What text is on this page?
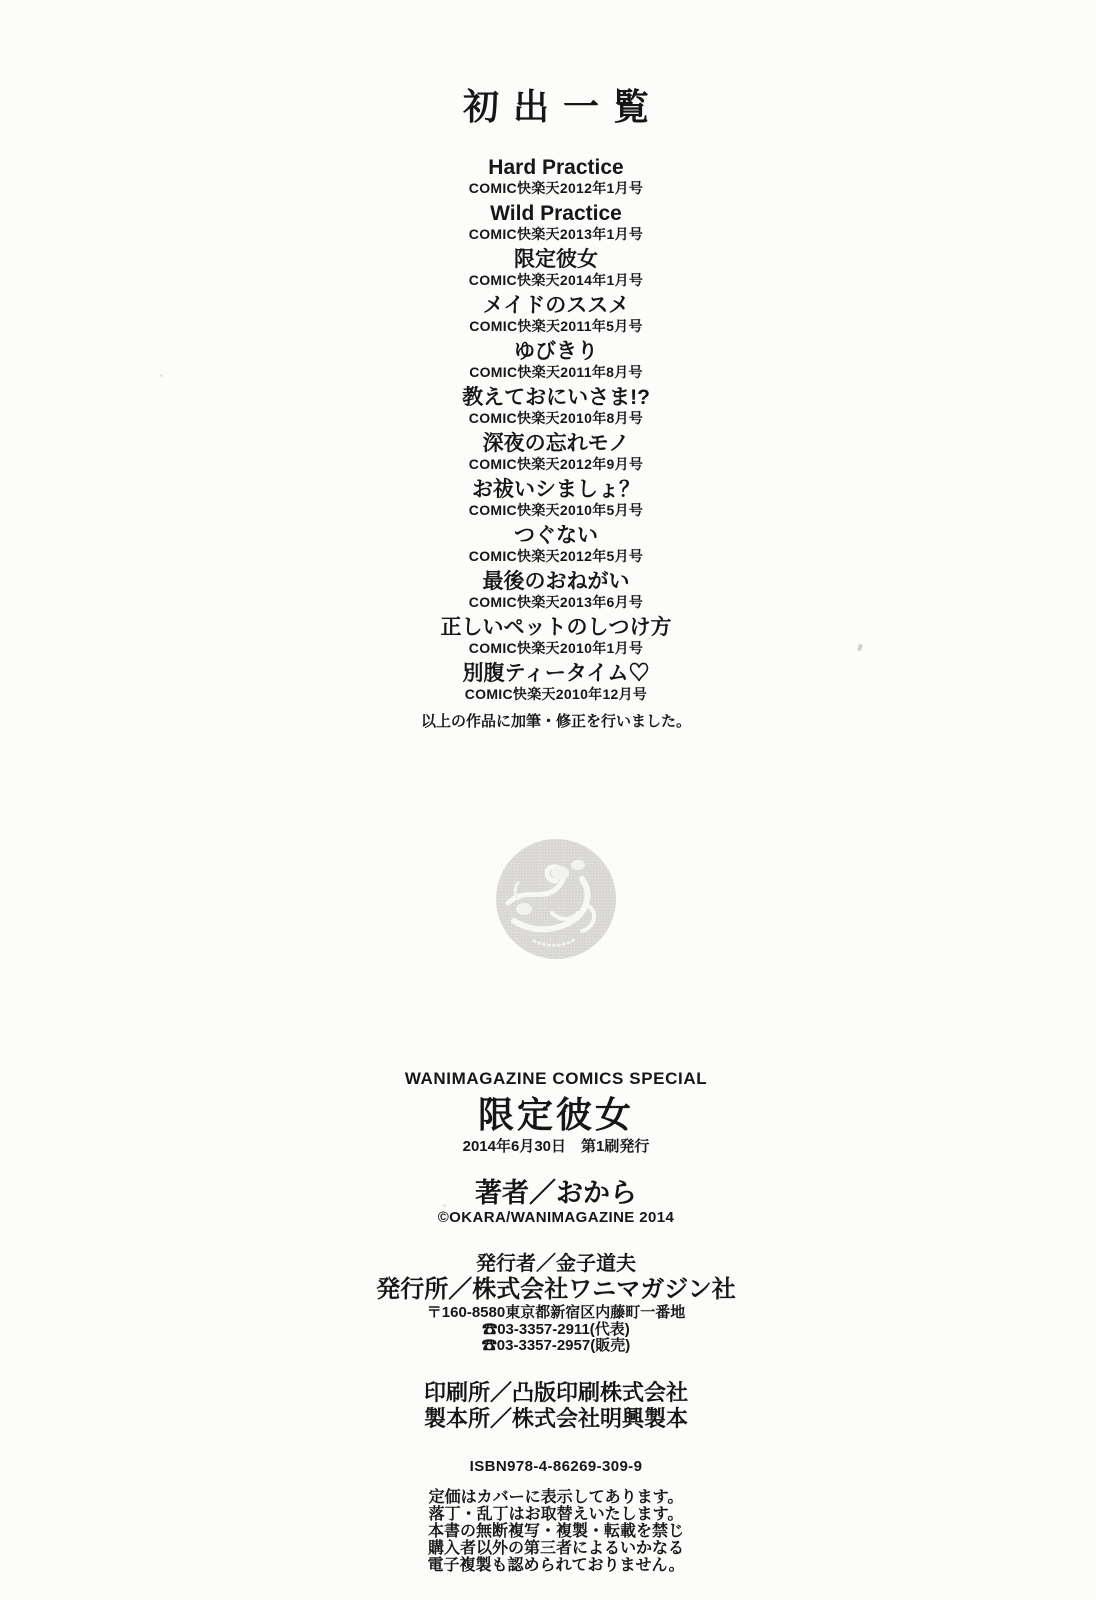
初出一覧
Hard Practice
COMIC快楽天2012年1月号
Wild Practice
COMIC快楽天2013年1月号
限定彼女
COMIC快楽天2014年1月号
メイドのススメ
COMIC快楽天2011年5月号
ゆびきり
COMIC快楽天2011年8月号
教えておにいさま!?
COMIC快楽天2010年8月号
深夜の忘れモノ
COMIC快楽天2012年9月号
お祓いシましょ？
COMIC快楽天2010年5月号
つぐない
COMIC快楽天2012年5月号
最後のおねがい
COMIC快楽天2013年6月号
正しいペットのしつけ方
COMIC快楽天2010年1月号
別腹ティータイム♡
COMIC快楽天2010年12月号
以上の作品に加筆・修正を行いました。
WANIMAGAZINE COMICS SPECIAL
限定彼女
2014年6月30日　第1刷発行
著者／おから
©OKARA/WANIMAGAZINE 2014
発行者／金子道夫
発行所／株式会社ワニマガジン社
〒160-8580東京都新宿区内藤町一番地
☎03-3357-2911(代表)
☎03-3357-2957(販売)
印刷所／凸版印刷株式会社
製本所／株式会社明興製本
ISBN978-4-86269-309-9
定価はカバーに表示してあります。
落丁・乱丁はお取替えいたします。
本書の無断複写・複製・転載を禁じ
購入者以外の第三者によるいかなる
電子複製も認められておりません。
